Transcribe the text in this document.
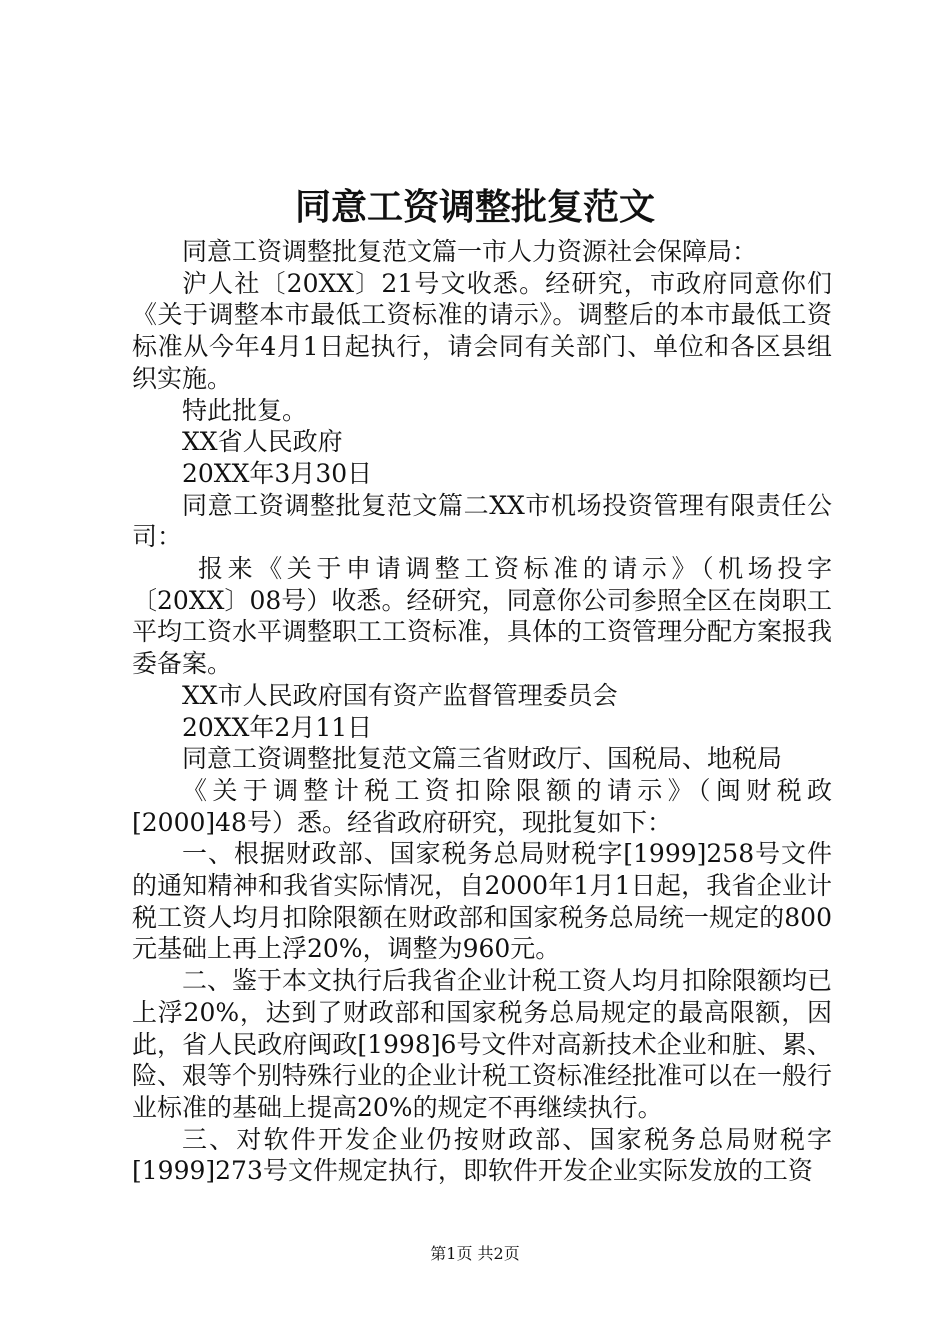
同意工资调整批复范文

同意工资调整批复范文篇一市人力资源社会保障局：

沪人社〔20XX〕21号文收悉。经研究，市政府同意你们《关于调整本市最低工资标准的请示》。调整后的本市最低工资标准从今年4月1日起执行，请会同有关部门、单位和各区县组织实施。

特此批复。

XX省人民政府

20XX年3月30日

同意工资调整批复范文篇二XX市机场投资管理有限责任公司：

报来《关于申请调整工资标准的请示》（机场投字〔20XX〕08号）收悉。经研究，同意你公司参照全区在岗职工平均工资水平调整职工工资标准，具体的工资管理分配方案报我委备案。

XX市人民政府国有资产监督管理委员会

20XX年2月11日

同意工资调整批复范文篇三省财政厅、国税局、地税局

《关于调整计税工资扣除限额的请示》（闽财税政[2000]48号）悉。经省政府研究，现批复如下：

一、根据财政部、国家税务总局财税字[1999]258号文件的通知精神和我省实际情况，自2000年1月1日起，我省企业计税工资人均月扣除限额在财政部和国家税务总局统一规定的800元基础上再上浮20%，调整为960元。

二、鉴于本文执行后我省企业计税工资人均月扣除限额均已上浮20%，达到了财政部和国家税务总局规定的最高限额，因此，省人民政府闽政[1998]6号文件对高新技术企业和脏、累、险、艰等个别特殊行业的企业计税工资标准经批准可以在一般行业标准的基础上提高20%的规定不再继续执行。

三、对软件开发企业仍按财政部、国家税务总局财税字[1999]273号文件规定执行，即软件开发企业实际发放的工资

第1页 共2页
